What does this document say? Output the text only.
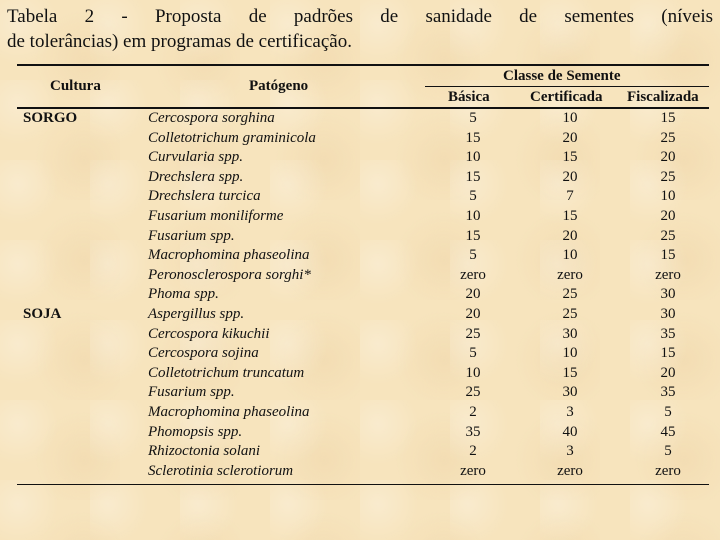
Tabela 2 - Proposta de padrões de sanidade de sementes (níveis
de tolerâncias) em programas de certificação.
Cultura	Patógeno
Classe de Semente
Básica	Certificada Fiscalizada
SORGO	Cercospora sorghina	5	10	15
Colletotrichum graminicola	15	20	25
Curvularia spp.	10	15	20
Drechslera spp.	15	20	25
Drechslera turcica	5	7	10
Fusarium moniliforme	10	15	20
Fusarium spp.	15	20	25
Macrophomina phaseolina	5	10	15
Peronosclerospora sorghi*	zero	zero	zero
Phoma spp.	20	25	30
SOJA	Aspergillus spp.	20	25	30
Cercospora kikuchii	25	30	35
Cercospora sojina	5	10	15
Colletotrichum truncatum	10	15	20
Fusarium spp.	25	30	35
Macrophomina phaseolina	2	3	5
Phomopsis spp.	35	40	45
Rhizoctonia solani	2	3	5
Sclerotinia sclerotiorum	zero	zero	zero
